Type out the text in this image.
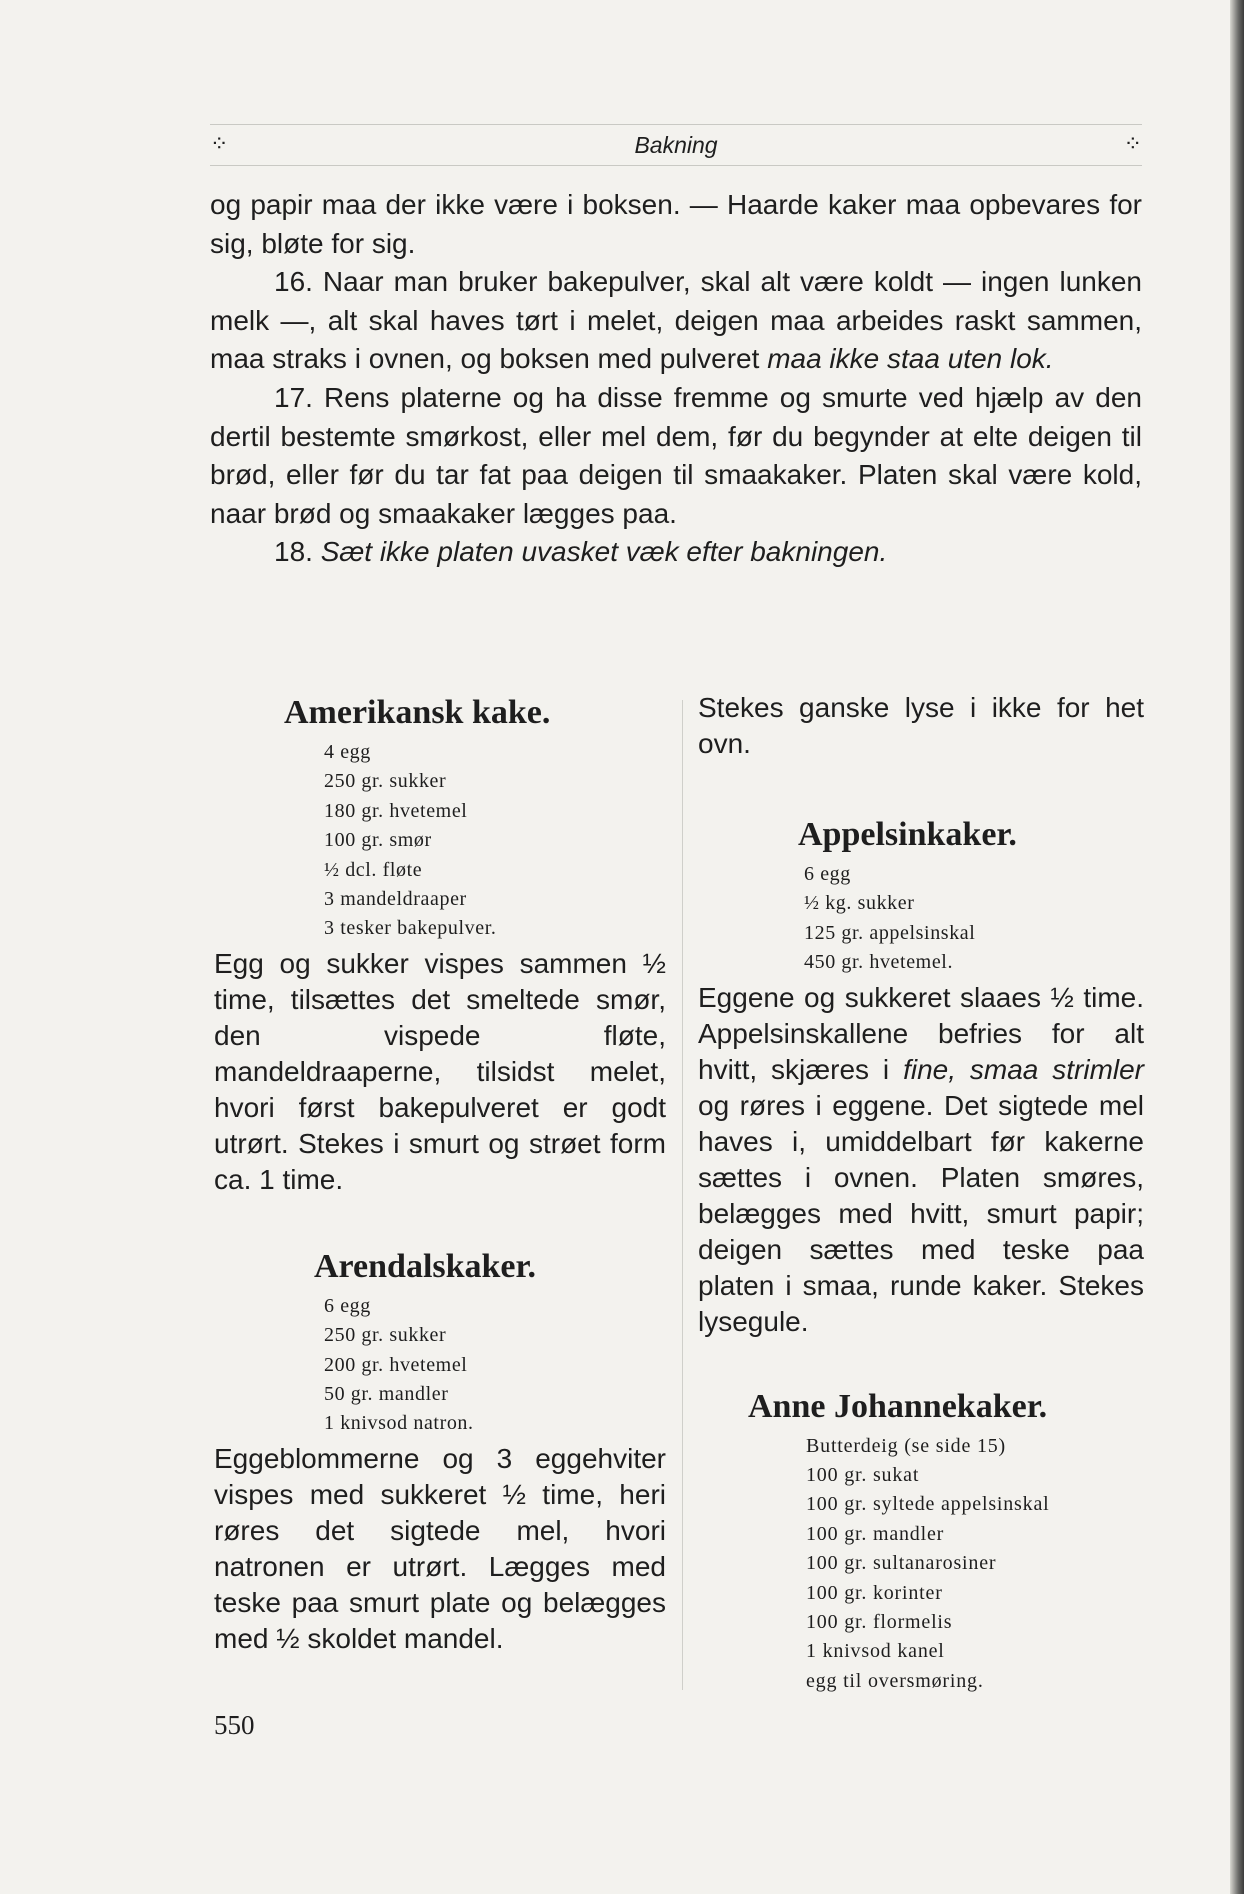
⁘	Bakning	⁘

og papir maa der ikke være i boksen. — Haarde kaker maa opbevares for sig, bløte for sig.

16. Naar man bruker bakepulver, skal alt være koldt — ingen lunken melk —, alt skal haves tørt i melet, deigen maa arbeides raskt sammen, maa straks i ovnen, og boksen med pulveret maa ikke staa uten lok.

17. Rens platerne og ha disse fremme og smurte ved hjælp av den dertil bestemte smørkost, eller mel dem, før du begynder at elte deigen til brød, eller før du tar fat paa deigen til smaakaker. Platen skal være kold, naar brød og smaakaker lægges paa.

18. Sæt ikke platen uvasket væk efter bakningen.

Amerikansk kake.
4 egg
250 gr. sukker
180 gr. hvetemel
100 gr. smør
½ dcl. fløte
3 mandeldraaper
3 tesker bakepulver.

Egg og sukker vispes sammen ½ time, tilsættes det smeltede smør, den vispede fløte, mandeldraaperne, tilsidst melet, hvori først bakepulveret er godt utrørt. Stekes i smurt og strøet form ca. 1 time.

Arendalskaker.
6 egg
250 gr. sukker
200 gr. hvetemel
50 gr. mandler
1 knivsod natron.

Eggeblommerne og 3 eggehviter vispes med sukkeret ½ time, heri røres det sigtede mel, hvori natronen er utrørt. Lægges med teske paa smurt plate og belægges med ½ skoldet mandel.

Stekes ganske lyse i ikke for het ovn.

Appelsinkaker.
6 egg
½ kg. sukker
125 gr. appelsinskal
450 gr. hvetemel.

Eggene og sukkeret slaaes ½ time. Appelsinskallene befries for alt hvitt, skjæres i fine, smaa strimler og røres i eggene. Det sigtede mel haves i, umiddelbart før kakerne sættes i ovnen. Platen smøres, belægges med hvitt, smurt papir; deigen sættes med teske paa platen i smaa, runde kaker. Stekes lysegule.

Anne Johannekaker.
Butterdeig (se side 15)
100 gr. sukat
100 gr. syltede appelsinskal
100 gr. mandler
100 gr. sultanarosiner
100 gr. korinter
100 gr. flormelis
1 knivsod kanel
egg til oversmøring.
550
